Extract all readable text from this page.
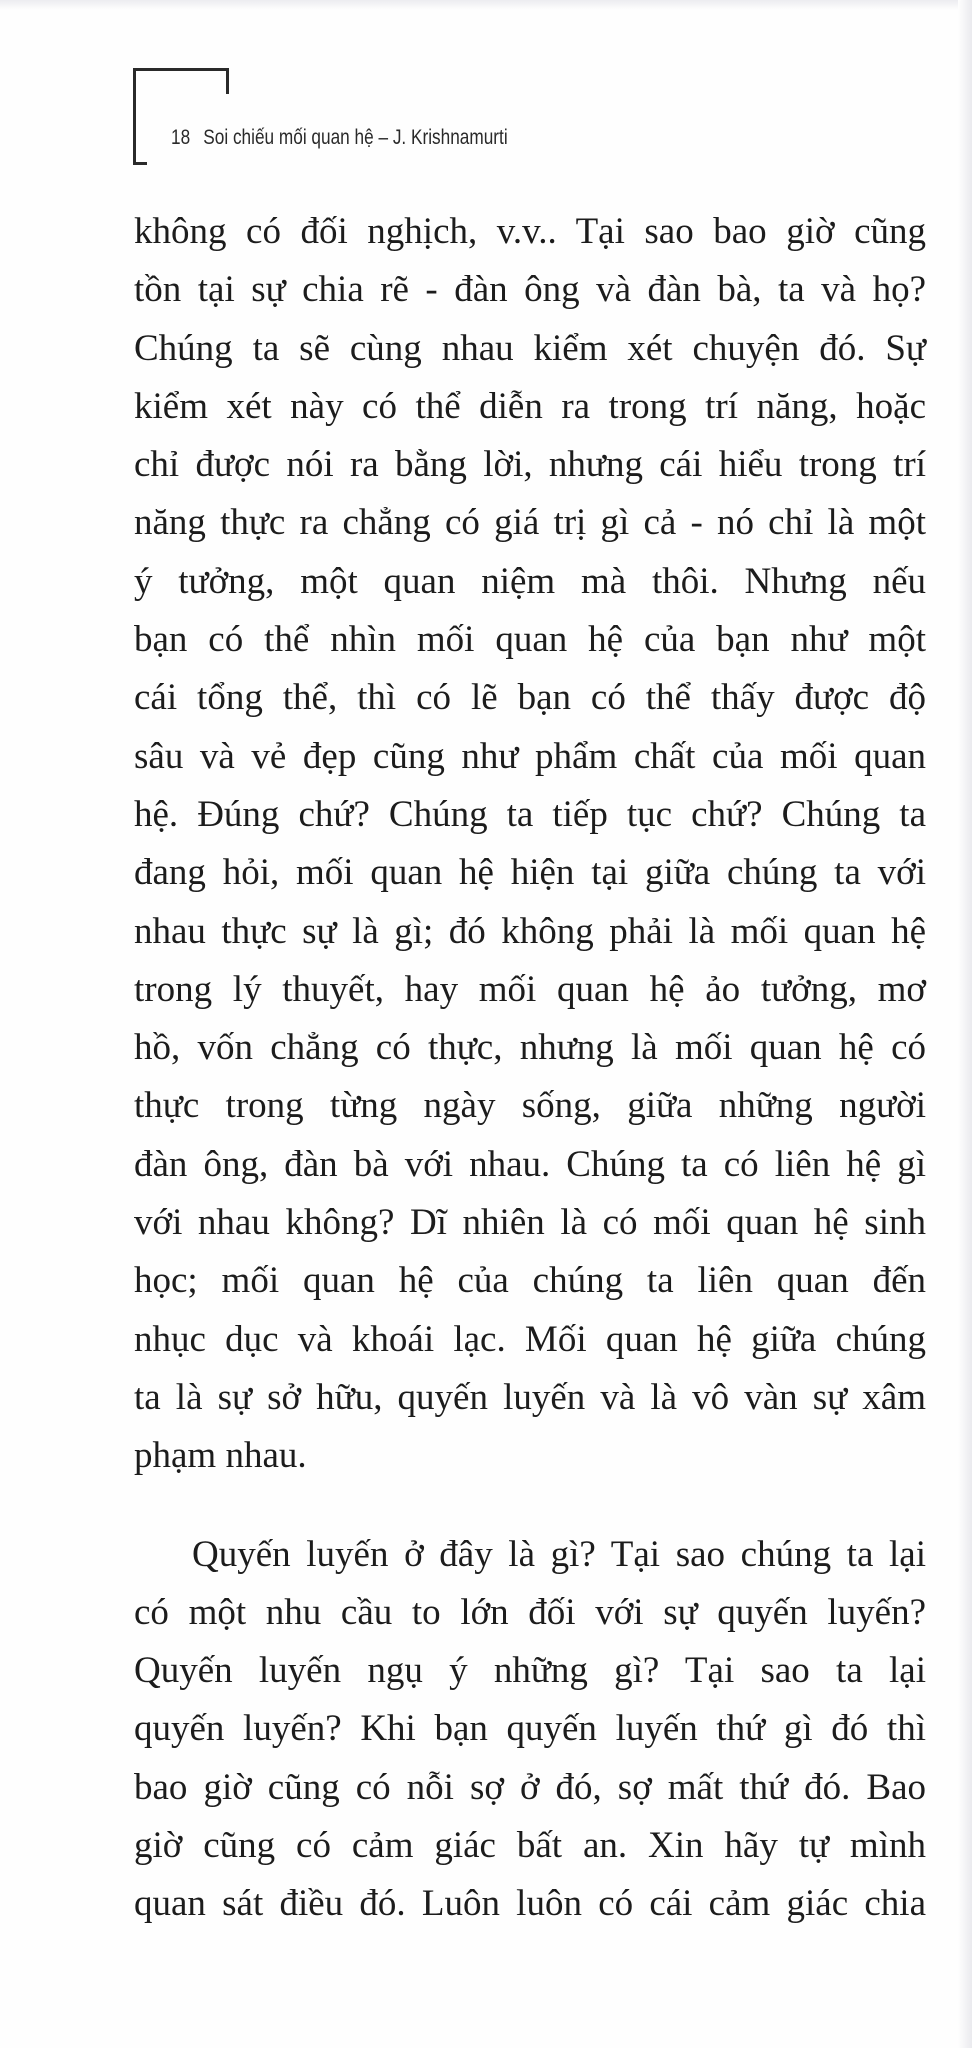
18 Soi chiếu mối quan hệ – J. Krishnamurti
không có đối nghịch, v.v.. Tại sao bao giờ cũng
tồn tại sự chia rẽ - đàn ông và đàn bà, ta và họ?
Chúng ta sẽ cùng nhau kiểm xét chuyện đó. Sự
kiểm xét này có thể diễn ra trong trí năng, hoặc
chỉ được nói ra bằng lời, nhưng cái hiểu trong trí
năng thực ra chẳng có giá trị gì cả - nó chỉ là một
ý tưởng, một quan niệm mà thôi. Nhưng nếu
bạn có thể nhìn mối quan hệ của bạn như một
cái tổng thể, thì có lẽ bạn có thể thấy được độ
sâu và vẻ đẹp cũng như phẩm chất của mối quan
hệ. Đúng chứ? Chúng ta tiếp tục chứ? Chúng ta
đang hỏi, mối quan hệ hiện tại giữa chúng ta với
nhau thực sự là gì; đó không phải là mối quan hệ
trong lý thuyết, hay mối quan hệ ảo tưởng, mơ
hồ, vốn chẳng có thực, nhưng là mối quan hệ có
thực trong từng ngày sống, giữa những người
đàn ông, đàn bà với nhau. Chúng ta có liên hệ gì
với nhau không? Dĩ nhiên là có mối quan hệ sinh
học; mối quan hệ của chúng ta liên quan đến
nhục dục và khoái lạc. Mối quan hệ giữa chúng
ta là sự sở hữu, quyến luyến và là vô vàn sự xâm
phạm nhau.
Quyến luyến ở đây là gì? Tại sao chúng ta lại
có một nhu cầu to lớn đối với sự quyến luyến?
Quyến luyến ngụ ý những gì? Tại sao ta lại
quyến luyến? Khi bạn quyến luyến thứ gì đó thì
bao giờ cũng có nỗi sợ ở đó, sợ mất thứ đó. Bao
giờ cũng có cảm giác bất an. Xin hãy tự mình
quan sát điều đó. Luôn luôn có cái cảm giác chia
